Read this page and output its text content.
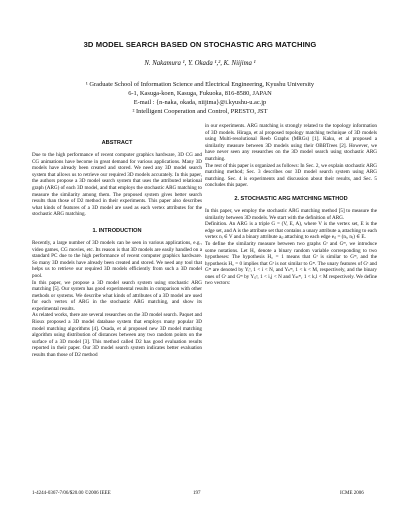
3D MODEL SEARCH BASED ON STOCHASTIC ARG MATCHING
N. Nakamura ¹, Y. Okada ¹,², K. Niijima ¹
¹ Graduate School of Information Science and Electrical Engineering, Kyushu University
6-1, Kasuga-koen, Kasuga, Fukuoka, 816-8580, JAPAN
E-mail : {n-naka, okada, niijima}@i.kyushu-u.ac.jp
² Intelligent Cooperation and Control, PRESTO, JST
ABSTRACT

Due to the high performance of recent computer graphics hardware, 3D CG and CG animations have become in great demand for various applications. Many 3D models have already been created and stored. We need any 3D model search system that allows us to retrieve our required 3D models accurately. In this paper, the authors propose a 3D model search system that uses the attributed relational graph (ARG) of each 3D model, and that employs the stochastic ARG matching to measure the similarity among them. The proposed system gives better search results than those of D2 method in their experiments. This paper also describes what kinds of features of a 3D model are used as each vertex attributes for the stochastic ARG matching.

1. INTRODUCTION

Recently, a large number of 3D models can be seen in various applications, e.g., video games, CG movies, etc. Its reason is that 3D models are easily handled on a standard PC due to the high performance of recent computer graphics hardware. So many 3D models have already been created and stored. We need any tool that helps us to retrieve our required 3D models efficiently from such a 3D model pool.

In this paper, we propose a 3D model search system using stochastic ARG matching [5]. Our system has good experimental results in comparison with other methods or systems. We describe what kinds of attributes of a 3D model are used for each vertex of ARG in the stochastic ARG matching, and show its experimental results.

As related works, there are several researches on the 3D model search. Paquet and Rioux proposed a 3D model database system that employs many popular 3D model matching algorithms [4]. Osada, et al proposed new 3D model matching algorithm using distribution of distances between any two random points on the surface of a 3D model [3]. This method called D2 has good evaluation results reported in their paper. Our 3D model search system indicates better evaluation results than those of D2 method

in our experiments. ARG matching is strongly related to the topology information of 3D models. Hiraga, et al proposed topology matching technique of 3D models using Multi-resolutional Reeb Graphs (MRGs) [1]. Kaku, et al proposed a similarity measure between 3D models using their OBBTrees [2]. However, we have never seen any researches on the 3D model search using stochastic ARG matching.

The rest of this paper is organized as follows: In Sec. 2, we explain stochastic ARG matching method; Sec. 3 describes our 3D model search system using ARG matching. Sec. 4 is experiments and discussion about their results, and Sec. 5 concludes this paper.

2. STOCHASTIC ARG MATCHING METHOD

In this paper, we employ the stochastic ARG matching method [5] to measure the similarity between 3D models. We start with the definition of ARG.

Definition. An ARG is a triple G = (V, E, A), where V is the vertex set, E is the edge set, and A is the attribute set that contains a unary attribute aᵢ attaching to each vertex nᵢ ∈ V and a binary attribute aᵢⱼ attaching to each edge eᵢⱼ = (nᵢ, nⱼ) ∈ E.

To define the similarity measure between two graphs Gˢ and Gᵐ, we introduce some notations. Let H꜀ denote a binary random variable corresponding to two hypotheses: The hypothesis H꜀ = 1 means that Gˢ is similar to Gᵐ, and the hypothesis H꜀ = 0 implies that Gˢ is not similar to Gᵐ. The unary features of Gˢ and Gᵐ are denoted by Yᵢˢ, 1 < i < N, and Yₖᵐ, 1 < k < M, respectively, and the binary ones of Gˢ and Gᵐ by Yᵢⱼˢ, 1 < i,j < N and Yₖₗᵐ, 1 < k,l < M respectively. We define two vectors:

1-4244-0367-7/06/$20.00 ©2006 IEEE	197	ICME 2006
